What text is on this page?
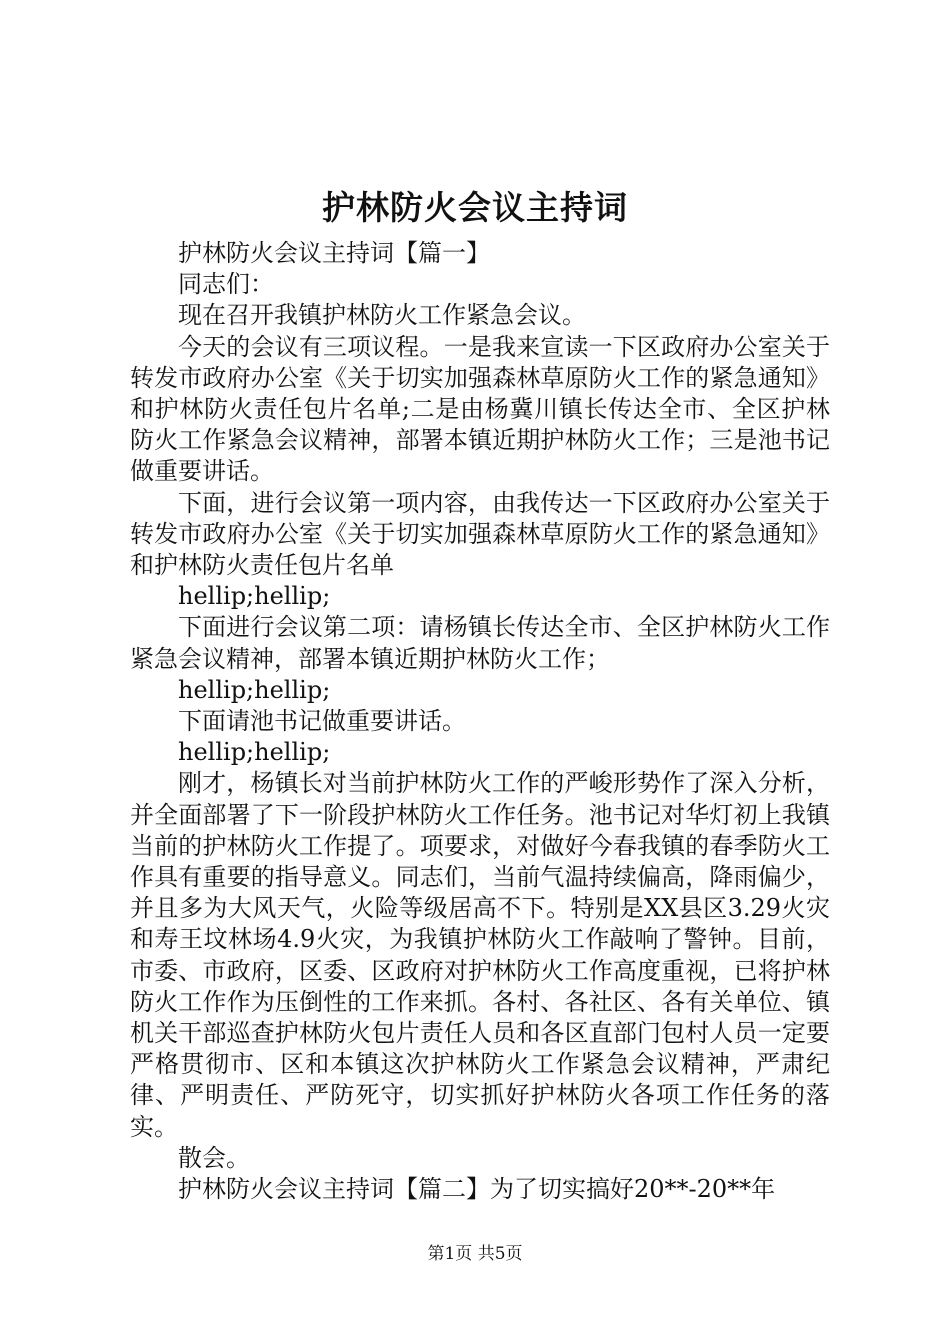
护林防火会议主持词

护林防火会议主持词【篇一】

同志们：

现在召开我镇护林防火工作紧急会议。

今天的会议有三项议程。一是我来宣读一下区政府办公室关于转发市政府办公室《关于切实加强森林草原防火工作的紧急通知》和护林防火责任包片名单;二是由杨冀川镇长传达全市、全区护林防火工作紧急会议精神，部署本镇近期护林防火工作；三是池书记做重要讲话。

下面，进行会议第一项内容，由我传达一下区政府办公室关于转发市政府办公室《关于切实加强森林草原防火工作的紧急通知》和护林防火责任包片名单

hellip;hellip;

下面进行会议第二项：请杨镇长传达全市、全区护林防火工作紧急会议精神，部署本镇近期护林防火工作；

hellip;hellip;

下面请池书记做重要讲话。

hellip;hellip;

刚才，杨镇长对当前护林防火工作的严峻形势作了深入分析，并全面部署了下一阶段护林防火工作任务。池书记对华灯初上我镇当前的护林防火工作提了。项要求，对做好今春我镇的春季防火工作具有重要的指导意义。同志们，当前气温持续偏高，降雨偏少，并且多为大风天气，火险等级居高不下。特别是XX县区3.29火灾和寿王坟林场4.9火灾，为我镇护林防火工作敲响了警钟。目前，市委、市政府，区委、区政府对护林防火工作高度重视，已将护林防火工作作为压倒性的工作来抓。各村、各社区、各有关单位、镇机关干部巡查护林防火包片责任人员和各区直部门包村人员一定要严格贯彻市、区和本镇这次护林防火工作紧急会议精神，严肃纪律、严明责任、严防死守，切实抓好护林防火各项工作任务的落实。

散会。

护林防火会议主持词【篇二】为了切实搞好20**-20**年

第1页 共5页
